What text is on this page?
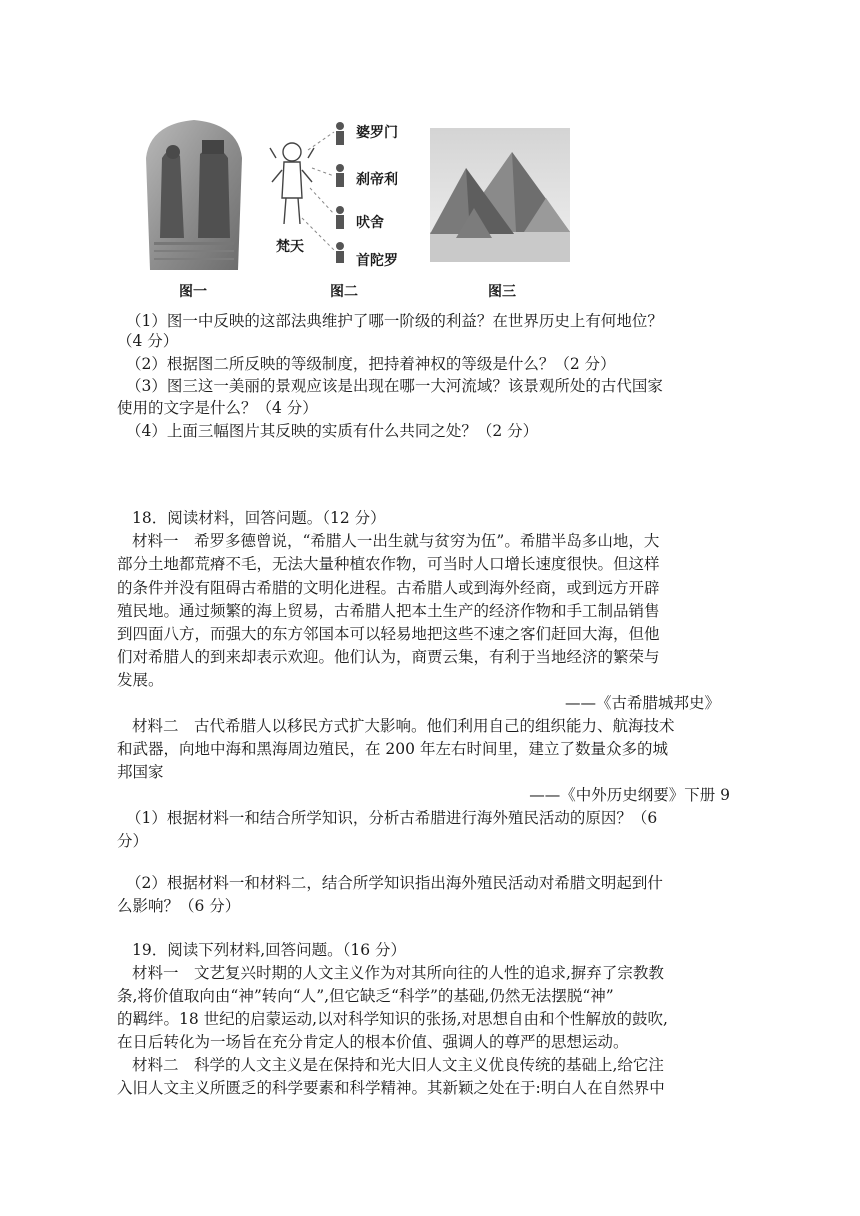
梵天
婆罗门
刹帝利
吠舍
首陀罗
图一	图二	图三
（1）图一中反映的这部法典维护了哪一阶级的利益？在世界历史上有何地位？
（4 分）
（2）根据图二所反映的等级制度，把持着神权的等级是什么？（2 分）
（3）图三这一美丽的景观应该是出现在哪一大河流域？该景观所处的古代国家
使用的文字是什么？（4 分）
（4）上面三幅图片其反映的实质有什么共同之处？（2 分）
18．阅读材料，回答问题。（12 分）
材料一　希罗多德曾说，“希腊人一出生就与贫穷为伍”。希腊半岛多山地，大
部分土地都荒瘠不毛，无法大量种植农作物，可当时人口增长速度很快。但这样
的条件并没有阻碍古希腊的文明化进程。古希腊人或到海外经商，或到远方开辟
殖民地。通过频繁的海上贸易，古希腊人把本土生产的经济作物和手工制品销售
到四面八方，而强大的东方邻国本可以轻易地把这些不速之客们赶回大海，但他
们对希腊人的到来却表示欢迎。他们认为，商贾云集，有利于当地经济的繁荣与
发展。
——《古希腊城邦史》
材料二　古代希腊人以移民方式扩大影响。他们利用自己的组织能力、航海技术
和武器，向地中海和黑海周边殖民，在 200 年左右时间里，建立了数量众多的城
邦国家
——《中外历史纲要》下册 9
（1）根据材料一和结合所学知识，分析古希腊进行海外殖民活动的原因？（6
分）
（2）根据材料一和材料二，结合所学知识指出海外殖民活动对希腊文明起到什
么影响？（6 分）
19．阅读下列材料,回答问题。（16 分）
材料一　文艺复兴时期的人文主义作为对其所向往的人性的追求,摒弃了宗教教
条,将价值取向由“神”转向“人”,但它缺乏“科学”的基础,仍然无法摆脱“神”
的羁绊。18 世纪的启蒙运动,以对科学知识的张扬,对思想自由和个性解放的鼓吹,
在日后转化为一场旨在充分肯定人的根本价值、强调人的尊严的思想运动。
材料二　科学的人文主义是在保持和光大旧人文主义优良传统的基础上,给它注
入旧人文主义所匮乏的科学要素和科学精神。其新颖之处在于:明白人在自然界中
